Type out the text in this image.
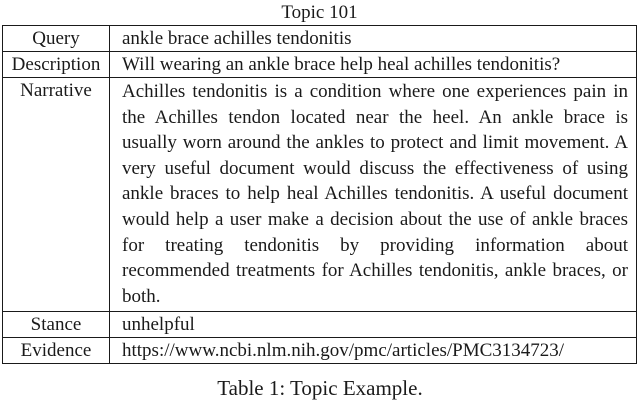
Topic 101	
Query	ankle brace achilles tendonitis
Description	Will wearing an ankle brace help heal achilles tendonitis?
Narrative	Achilles tendonitis is a condition where one experiences pain in the Achilles tendon located near the heel. An ankle brace is usually worn around the ankles to protect and limit movement. A very useful document would discuss the effectiveness of using ankle braces to help heal Achilles tendonitis. A useful document would help a user make a decision about the use of ankle braces for treating tendonitis by providing information about recommended treatments for Achilles tendonitis, ankle braces, or both.
Stance	unhelpful
Evidence	https://www.ncbi.nlm.nih.gov/pmc/articles/PMC3134723/
Table 1: Topic Example.
